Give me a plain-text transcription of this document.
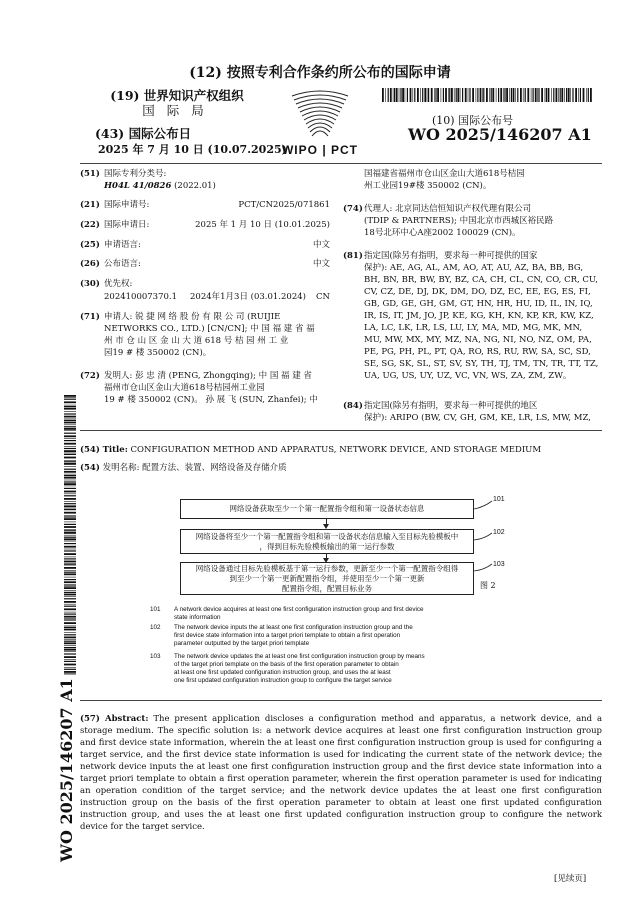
(12) 按照专利合作条约所公布的国际申请
(19) 世界知识产权组织
国 际 局
(43) 国际公布日
2025 年 7 月 10 日 (10.07.2025)
WIPO | PCT
(10) 国际公布号
WO 2025/146207 A1
WO 2025/146207 A1
(51) 国际专利分类号:
H04L 41/0826 (2022.01)
(21) 国际申请号:	PCT/CN2025/071861
(22) 国际申请日:	2025 年 1 月 10 日 (10.01.2025)
(25) 申请语言:	中文
(26) 公布语言:	中文
(30) 优先权:
202410007370.1 2024年1月3日 (03.01.2024) CN
(71) 申请人: 锐 捷 网 络 股 份 有 限 公 司 (RUIJIE
NETWORKS CO., LTD.) [CN/CN]; 中 国 福 建 省 福
州 市 仓 山 区 金 山 大 道 618 号 桔 园 州 工 业
园19 # 楼 350002 (CN)。
(72) 发明人: 彭 忠 清 (PENG, Zhongqing); 中 国 福 建 省
福州市仓山区金山大道618号桔园州工业园
19 # 楼 350002 (CN)。 孙 展 飞 (SUN, Zhanfei); 中
国福建省福州市仓山区金山大道618号桔园
州工业园19#楼 350002 (CN)。
(74) 代理人: 北京同达信恒知识产权代理有限公司
(TDIP & PARTNERS); 中国北京市西城区裕民路
18号北环中心A座2002 100029 (CN)。
(81) 指定国(除另有指明，要求每一种可提供的国家
保护): AE, AG, AL, AM, AO, AT, AU, AZ, BA, BB, BG,
BH, BN, BR, BW, BY, BZ, CA, CH, CL, CN, CO, CR, CU,
CV, CZ, DE, DJ, DK, DM, DO, DZ, EC, EE, EG, ES, FI,
GB, GD, GE, GH, GM, GT, HN, HR, HU, ID, IL, IN, IQ,
IR, IS, IT, JM, JO, JP, KE, KG, KH, KN, KP, KR, KW, KZ,
LA, LC, LK, LR, LS, LU, LY, MA, MD, MG, MK, MN,
MU, MW, MX, MY, MZ, NA, NG, NI, NO, NZ, OM, PA,
PE, PG, PH, PL, PT, QA, RO, RS, RU, RW, SA, SC, SD,
SE, SG, SK, SL, ST, SV, SY, TH, TJ, TM, TN, TR, TT, TZ,
UA, UG, US, UY, UZ, VC, VN, WS, ZA, ZM, ZW。
(84) 指定国(除另有指明，要求每一种可提供的地区
保护): ARIPO (BW, CV, GH, GM, KE, LR, LS, MW, MZ,
(54) Title: CONFIGURATION METHOD AND APPARATUS, NETWORK DEVICE, AND STORAGE MEDIUM
(54) 发明名称: 配置方法、装置、网络设备及存储介质
网络设备获取至少一个第一配置指令组和第一设备状态信息
网络设备将至少一个第一配置指令组和第一设备状态信息输入至目标先验模板中
，得到目标先验模板输出的第一运行参数
网络设备通过目标先验模板基于第一运行参数，更新至少一个第一配置指令组得
到至少一个第一更新配置指令组，并使用至少一个第一更新
配置指令组，配置目标业务
101
102
103
图 2
101 A network device acquires at least one first configuration instruction group and first device
state information
102 The network device inputs the at least one first configuration instruction group and the
first device state information into a target priori template to obtain a first operation
parameter outputted by the target priori template
103 The network device updates the at least one first configuration instruction group by means
of the target priori template on the basis of the first operation parameter to obtain
at least one first updated configuration instruction group, and uses the at least
one first updated configuration instruction group to configure the target service
(57) Abstract: The present application discloses a configuration method and apparatus, a network device, and a storage medium. The specific solution is: a network device acquires at least one first configuration instruction group and first device state information, wherein the at least one first configuration instruction group is used for configuring a target service, and the first device state information is used for indicating the current state of the network device; the network device inputs the at least one first configuration instruction group and the first device state information into a target priori template to obtain a first operation parameter, wherein the first operation parameter is used for indicating an operation condition of the target service; and the network device updates the at least one first configuration instruction group on the basis of the first operation parameter to obtain at least one first updated configuration instruction group, and uses the at least one first updated configuration instruction group to configure the network device for the target service.
[见续页]
